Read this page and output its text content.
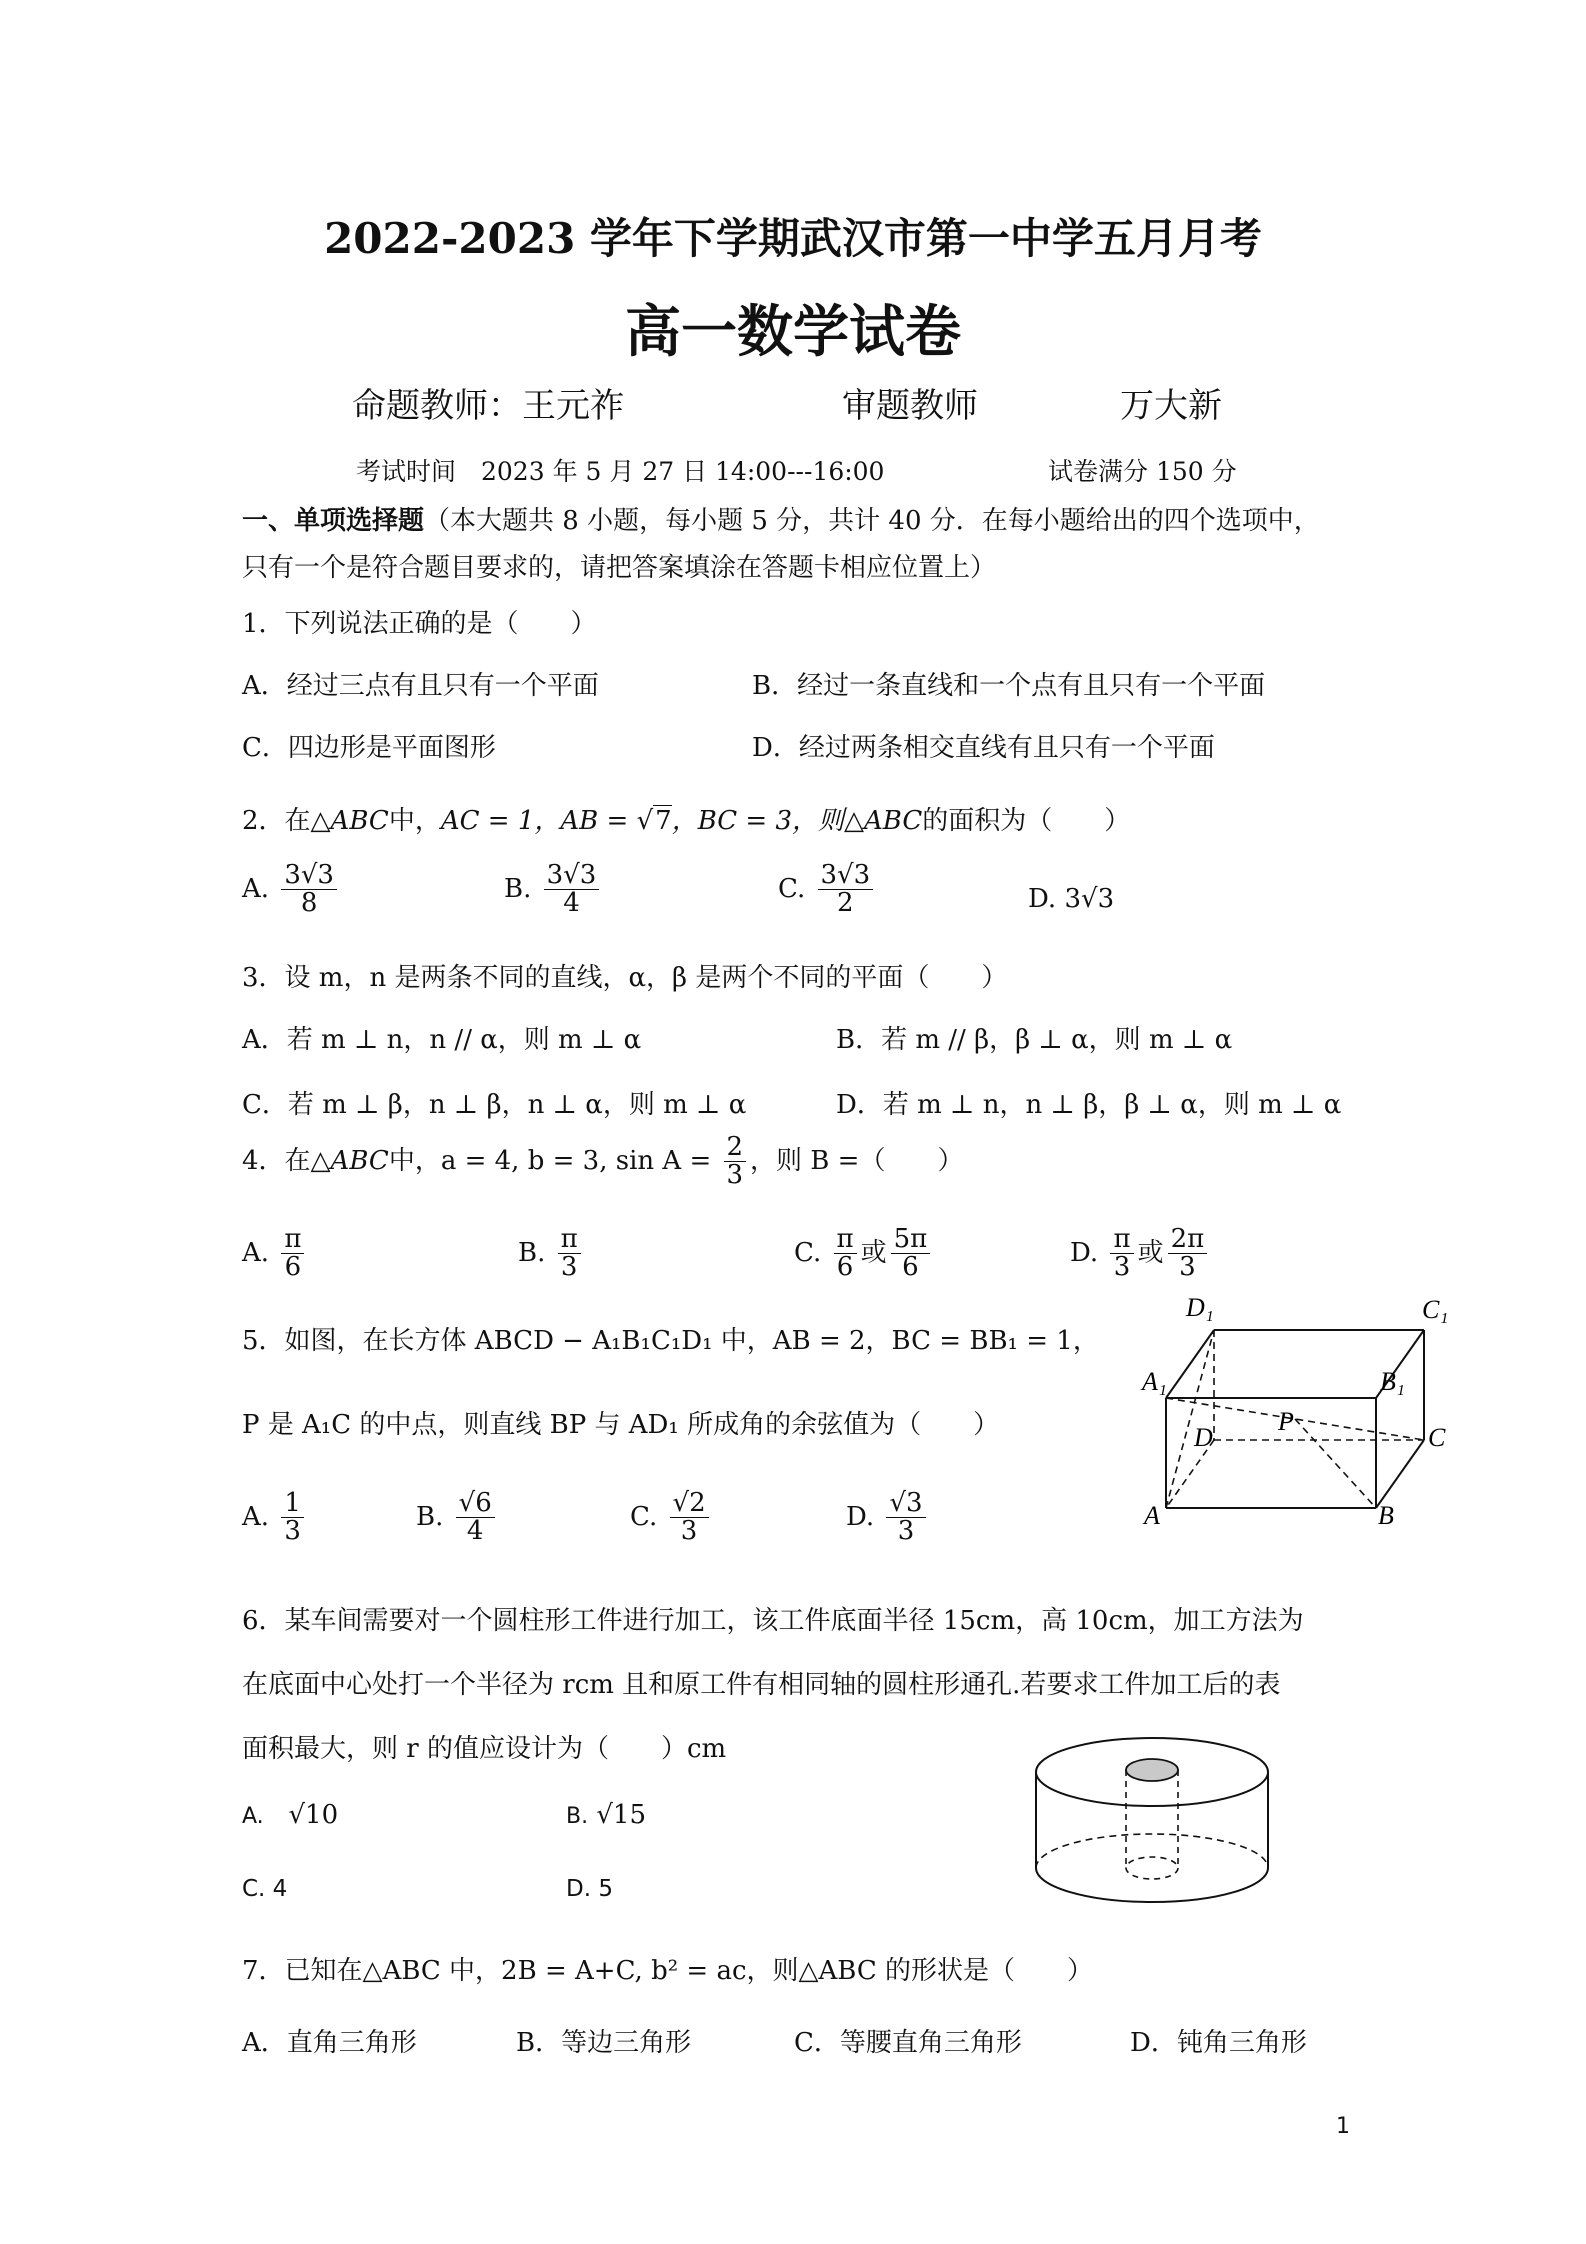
2022-2023 学年下学期武汉市第一中学五月月考
高一数学试卷
命题教师：王元祚	审题教师	万大新
考试时间　2023 年 5 月 27 日 14:00---16:00	试卷满分 150 分
一、单项选择题（本大题共 8 小题，每小题 5 分，共计 40 分．在每小题给出的四个选项中，
只有一个是符合题目要求的，请把答案填涂在答题卡相应位置上）
1．下列说法正确的是（　　）
A．经过三点有且只有一个平面	B．经过一条直线和一个点有且只有一个平面
C．四边形是平面图形	D．经过两条相交直线有且只有一个平面
2．在△ABC中，AC = 1，AB = √7，BC = 3，则△ABC的面积为（　　）
A. $\frac{3√3}{8}$	B. $\frac{3√3}{4}$	C. $\frac{3√3}{2}$	D. 3√3
3．设 m，n 是两条不同的直线，α，β 是两个不同的平面（　　）
A．若 m ⊥ n，n // α，则 m ⊥ α	B．若 m // β，β ⊥ α，则 m ⊥ α
C．若 m ⊥ β，n ⊥ β，n ⊥ α，则 m ⊥ α	D．若 m ⊥ n，n ⊥ β，β ⊥ α，则 m ⊥ α
4．在△ABC中，a = 4, b = 3, $\sin A = \frac{2}{3}$ ，则 B =（　　）
A. $\frac{\pi}{6}$	B. $\frac{\pi}{3}$	C. $\frac{\pi}{6}$ 或 $\frac{5\pi}{6}$	D. $\frac{\pi}{3}$ 或 $\frac{2\pi}{3}$
5．如图，在长方体 ABCD − A₁B₁C₁D₁ 中，AB = 2，BC = BB₁ = 1，
P 是 A₁C 的中点，则直线 BP 与 AD₁ 所成角的余弦值为（　　）
A. $\frac{1}{3}$	B. $\frac{√6}{4}$	C. $\frac{√2}{3}$	D. $\frac{√3}{3}$
D₁	C₁
A₁	B₁
D
P
C
A	B
6．某车间需要对一个圆柱形工件进行加工，该工件底面半径 15cm，高 10cm，加工方法为
在底面中心处打一个半径为 rcm 且和原工件有相同轴的圆柱形通孔.若要求工件加工后的表
面积最大，则 r 的值应设计为（　　）cm
A. √10	B. √15
C. 4	D. 5
7．已知在△ABC 中，2B = A+C, b² = ac，则△ABC 的形状是（　　）
A．直角三角形	B．等边三角形	C．等腰直角三角形	D．钝角三角形
1
